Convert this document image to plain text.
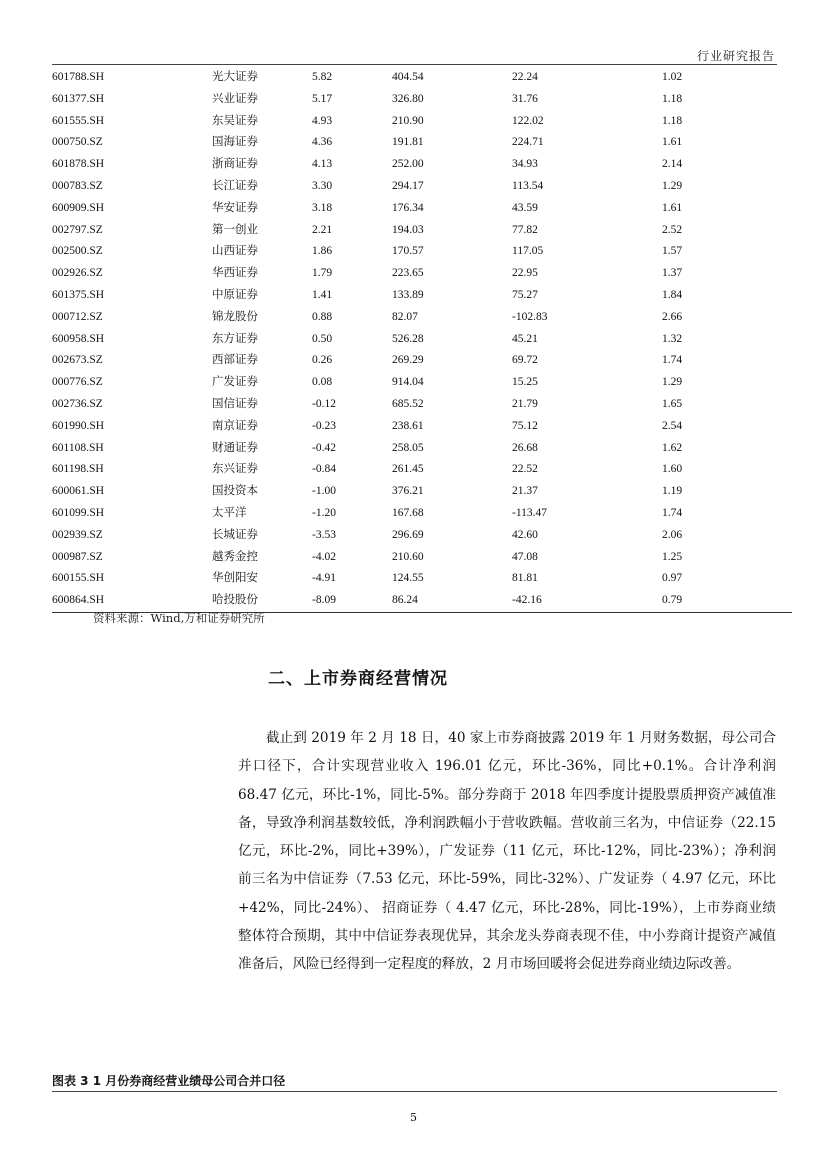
行业研究报告
601788.SH	光大证券	5.82	404.54	22.24	1.02
601377.SH	兴业证券	5.17	326.80	31.76	1.18
601555.SH	东吴证券	4.93	210.90	122.02	1.18
000750.SZ	国海证券	4.36	191.81	224.71	1.61
601878.SH	浙商证券	4.13	252.00	34.93	2.14
000783.SZ	长江证券	3.30	294.17	113.54	1.29
600909.SH	华安证券	3.18	176.34	43.59	1.61
002797.SZ	第一创业	2.21	194.03	77.82	2.52
002500.SZ	山西证券	1.86	170.57	117.05	1.57
002926.SZ	华西证券	1.79	223.65	22.95	1.37
601375.SH	中原证券	1.41	133.89	75.27	1.84
000712.SZ	锦龙股份	0.88	82.07	-102.83	2.66
600958.SH	东方证券	0.50	526.28	45.21	1.32
002673.SZ	西部证券	0.26	269.29	69.72	1.74
000776.SZ	广发证券	0.08	914.04	15.25	1.29
002736.SZ	国信证券	-0.12	685.52	21.79	1.65
601990.SH	南京证券	-0.23	238.61	75.12	2.54
601108.SH	财通证券	-0.42	258.05	26.68	1.62
601198.SH	东兴证券	-0.84	261.45	22.52	1.60
600061.SH	国投资本	-1.00	376.21	21.37	1.19
601099.SH	太平洋	-1.20	167.68	-113.47	1.74
002939.SZ	长城证券	-3.53	296.69	42.60	2.06
000987.SZ	越秀金控	-4.02	210.60	47.08	1.25
600155.SH	华创阳安	-4.91	124.55	81.81	0.97
600864.SH	哈投股份	-8.09	86.24	-42.16	0.79
资料来源：Wind,万和证券研究所
二、上市券商经营情况

截止到 2019 年 2 月 18 日，40 家上市券商披露 2019 年 1 月财务数据，母公司合并口径下，合计实现营业收入 196.01 亿元，环比-36%，同比+0.1%。合计净利润 68.47 亿元，环比-1%，同比-5%。部分券商于 2018 年四季度计提股票质押资产减值准备，导致净利润基数较低，净利润跌幅小于营收跌幅。营收前三名为，中信证券（22.15 亿元，环比-2%，同比+39%），广发证券（11 亿元，环比-12%，同比-23%）；净利润前三名为中信证券（7.53 亿元，环比-59%，同比-32%）、广发证券（ 4.97 亿元，环比+42%，同比-24%）、 招商证券（ 4.47 亿元，环比-28%，同比-19%），上市券商业绩整体符合预期，其中中信证券表现优异，其余龙头券商表现不佳，中小券商计提资产减值准备后，风险已经得到一定程度的释放，2 月市场回暖将会促进券商业绩边际改善。

图表 3 1 月份券商经营业绩母公司合并口径
5
